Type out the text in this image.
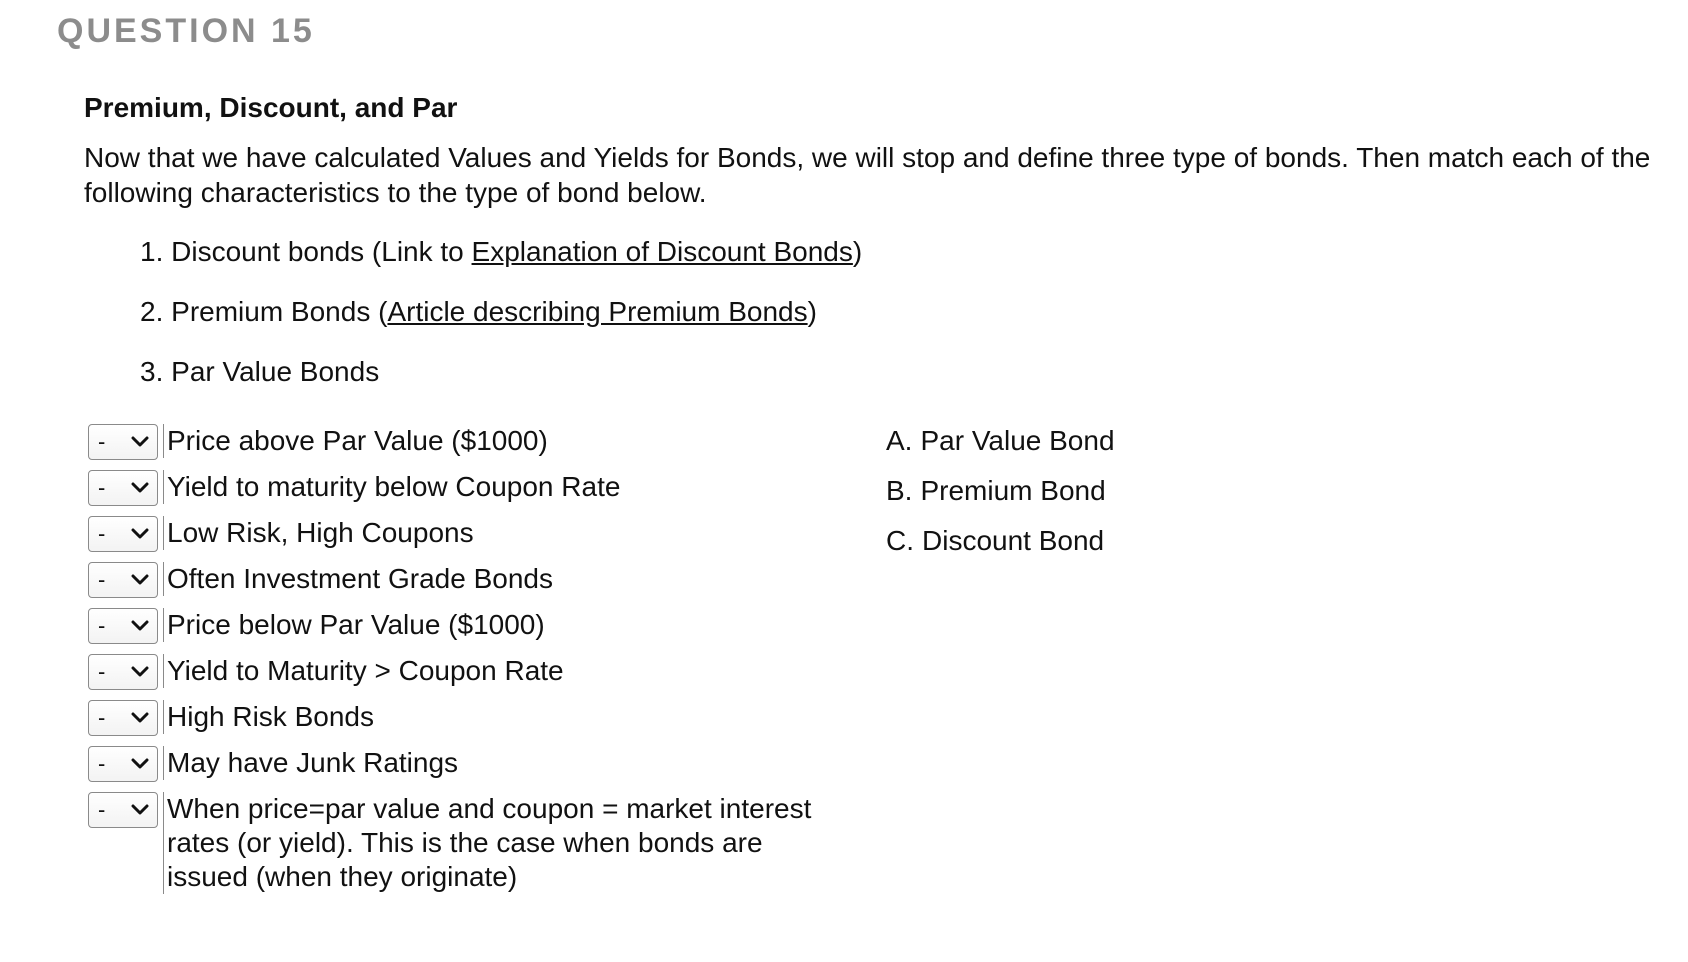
QUESTION 15
Premium, Discount, and Par

Now that we have calculated Values and Yields for Bonds, we will stop and define three type of bonds. Then match each of the following characteristics to the type of bond below.

1. Discount bonds (Link to Explanation of Discount Bonds)
2. Premium Bonds (Article describing Premium Bonds)
3. Par Value Bonds
- Price above Par Value ($1000)
- Yield to maturity below Coupon Rate
- Low Risk, High Coupons
- Often Investment Grade Bonds
- Price below Par Value ($1000)
- Yield to Maturity > Coupon Rate
- High Risk Bonds
- May have Junk Ratings
- When price=par value and coupon = market interest rates (or yield). This is the case when bonds are issued (when they originate)
A. Par Value Bond
B. Premium Bond
C. Discount Bond
